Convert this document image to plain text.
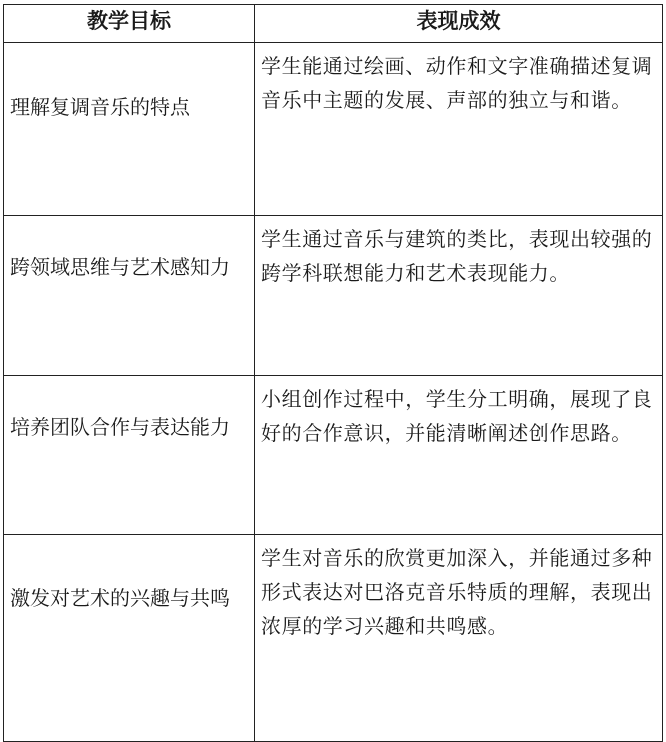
教学目标	表现成效
理解复调音乐的特点	学生能通过绘画、动作和文字准确描述复调音乐中主题的发展、声部的独立与和谐。
跨领域思维与艺术感知力	学生通过音乐与建筑的类比，表现出较强的跨学科联想能力和艺术表现能力。
培养团队合作与表达能力	小组创作过程中，学生分工明确，展现了良好的合作意识，并能清晰阐述创作思路。
激发对艺术的兴趣与共鸣	学生对音乐的欣赏更加深入，并能通过多种形式表达对巴洛克音乐特质的理解，表现出浓厚的学习兴趣和共鸣感。
